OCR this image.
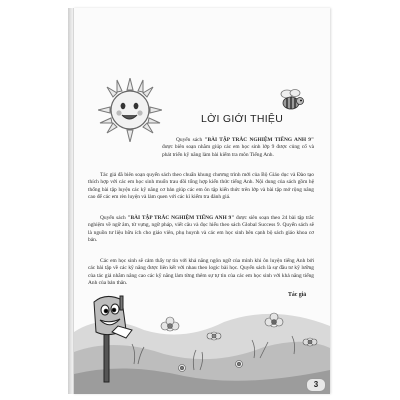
LỜI GIỚI THIỆU
Quyển sách "BÀI TẬP TRẮC NGHIỆM TIẾNG ANH 9" được biên soạn nhằm giúp các em học sinh lớp 9 được củng cố và phát triển kỹ năng làm bài kiểm tra môn Tiếng Anh.
Tác giả đã biên soạn quyển sách theo chuẩn khung chương trình mới của Bộ Giáo dục và Đào tạo thích hợp với các em học sinh muốn trau dồi tổng hợp kiến thức tiếng Anh. Nội dung của sách gồm hệ thống bài tập luyện các kỹ năng cơ bản giúp các em ôn tập kiến thức trên lớp và bài tập mở rộng nâng cao để các em rèn luyện và làm quen với các kì kiểm tra đánh giá.
Quyển sách "BÀI TẬP TRẮC NGHIỆM TIẾNG ANH 9" được siên soạn theo 24 bài tập trắc nghiệm về ngữ âm, từ vựng, ngữ pháp, viết câu và đọc hiểu theo sách Global Success 9. Quyển sách sẽ là nguồn tư liệu hữu ích cho giáo viên, phụ huynh và các em học sinh bên cạnh bộ sách giáo khoa cơ bản.
Các em học sinh sẽ cảm thấy tự tin với khả năng ngôn ngữ của mình khi ôn luyện tiếng Anh bởi các bài tập về các kỹ năng được liên kết với nhau theo logic bài học. Quyển sách là sự đầu tư kỹ lưỡng của tác giả nhằm nâng cao các kỹ năng làm từng thêm sự tự tin của các em học sinh với khả năng tiếng Anh của bản thân.
Tác giả
3
